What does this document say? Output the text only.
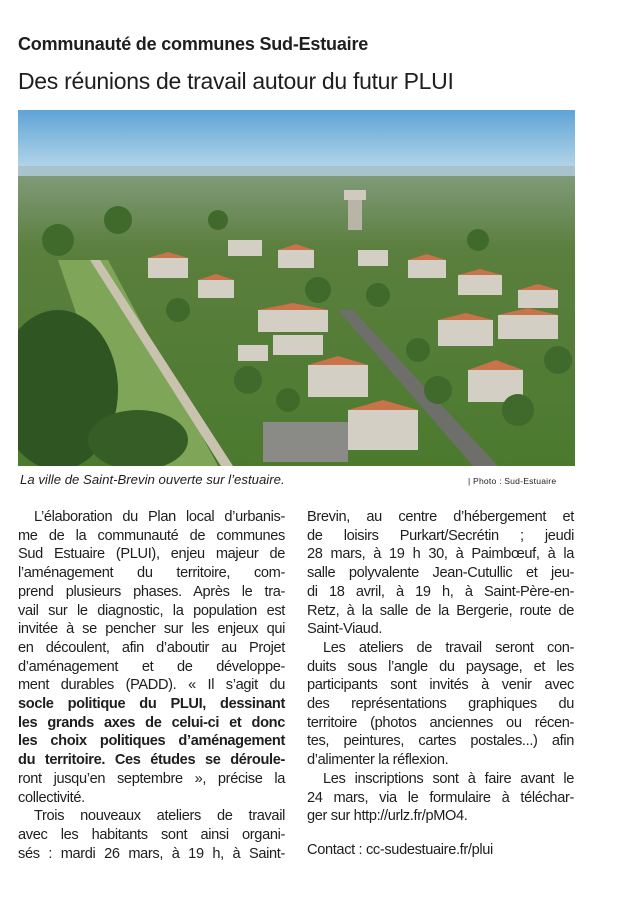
Communauté de communes Sud-Estuaire
Des réunions de travail autour du futur PLUI
La ville de Saint-Brevin ouverte sur l’estuaire.	| Photo : Sud-Estuaire
L’élaboration du Plan local d’urbanis-
me de la communauté de communes
Sud Estuaire (PLUI), enjeu majeur de
l’aménagement du territoire, com-
prend plusieurs phases. Après le tra-
vail sur le diagnostic, la population est
invitée à se pencher sur les enjeux qui
en découlent, afin d’aboutir au Projet
d’aménagement et de développe-
ment durables (PADD). « Il s’agit du
socle politique du PLUI, dessinant
les grands axes de celui-ci et donc
les choix politiques d’aménagement
du territoire. Ces études se déroule-
ront jusqu’en septembre », précise la
collectivité.
Trois nouveaux ateliers de travail
avec les habitants sont ainsi organi-
sés : mardi 26 mars, à 19 h, à Saint-
Brevin, au centre d’hébergement et
de loisirs Purkart/Secrétin ; jeudi
28 mars, à 19 h 30, à Paimbœuf, à la
salle polyvalente Jean-Cutullic et jeu-
di 18 avril, à 19 h, à Saint-Père-en-
Retz, à la salle de la Bergerie, route de
Saint-Viaud.
Les ateliers de travail seront con-
duits sous l’angle du paysage, et les
participants sont invités à venir avec
des représentations graphiques du
territoire (photos anciennes ou récen-
tes, peintures, cartes postales...) afin
d’alimenter la réflexion.
Les inscriptions sont à faire avant le
24 mars, via le formulaire à téléchar-
ger sur http://urlz.fr/pMO4.
Contact : cc-sudestuaire.fr/plui
